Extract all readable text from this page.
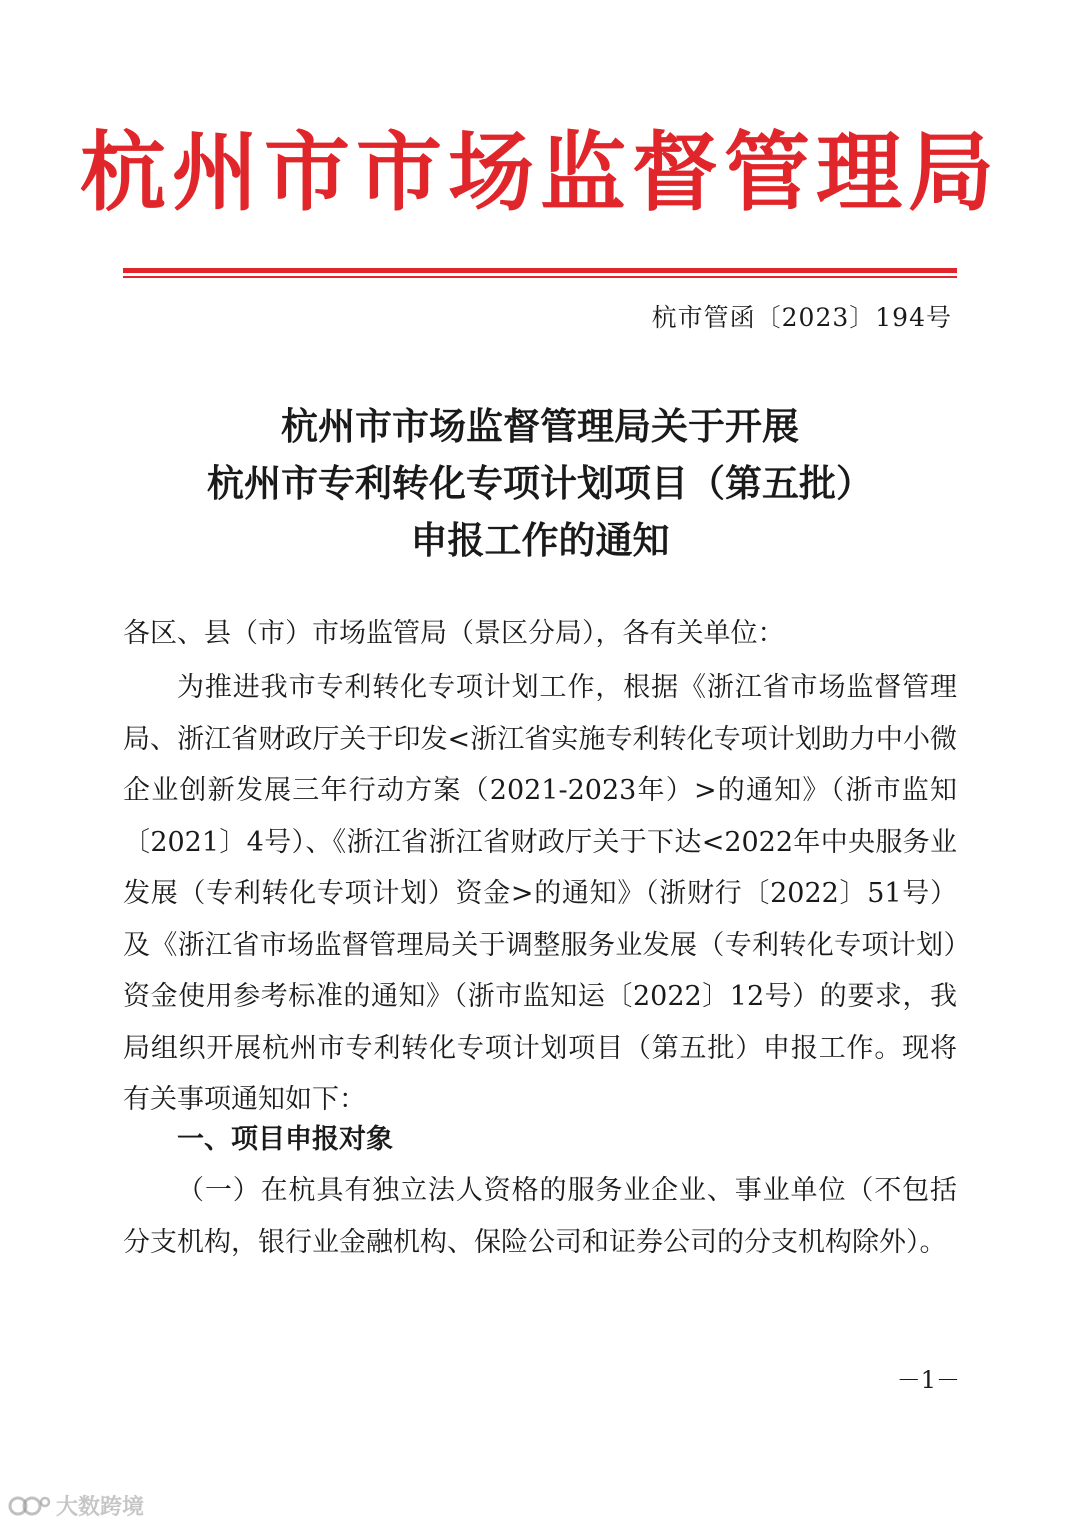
杭州市市场监督管理局
杭市管函〔2023〕194号
杭州市市场监督管理局关于开展
杭州市专利转化专项计划项目（第五批）
申报工作的通知
各区、县（市）市场监管局（景区分局），各有关单位：

为推进我市专利转化专项计划工作，根据《浙江省市场监督管理局、浙江省财政厅关于印发<浙江省实施专利转化专项计划助力中小微企业创新发展三年行动方案（2021-2023年）>的通知》（浙市监知〔2021〕4号）、《浙江省浙江省财政厅关于下达<2022年中央服务业发展（专利转化专项计划）资金>的通知》（浙财行〔2022〕51号）及《浙江省市场监督管理局关于调整服务业发展（专利转化专项计划）资金使用参考标准的通知》（浙市监知运〔2022〕12号）的要求，我局组织开展杭州市专利转化专项计划项目（第五批）申报工作。现将有关事项通知如下：

一、项目申报对象

（一）在杭具有独立法人资格的服务业企业、事业单位（不包括分支机构，银行业金融机构、保险公司和证券公司的分支机构除外）。

－1－
大数跨境
